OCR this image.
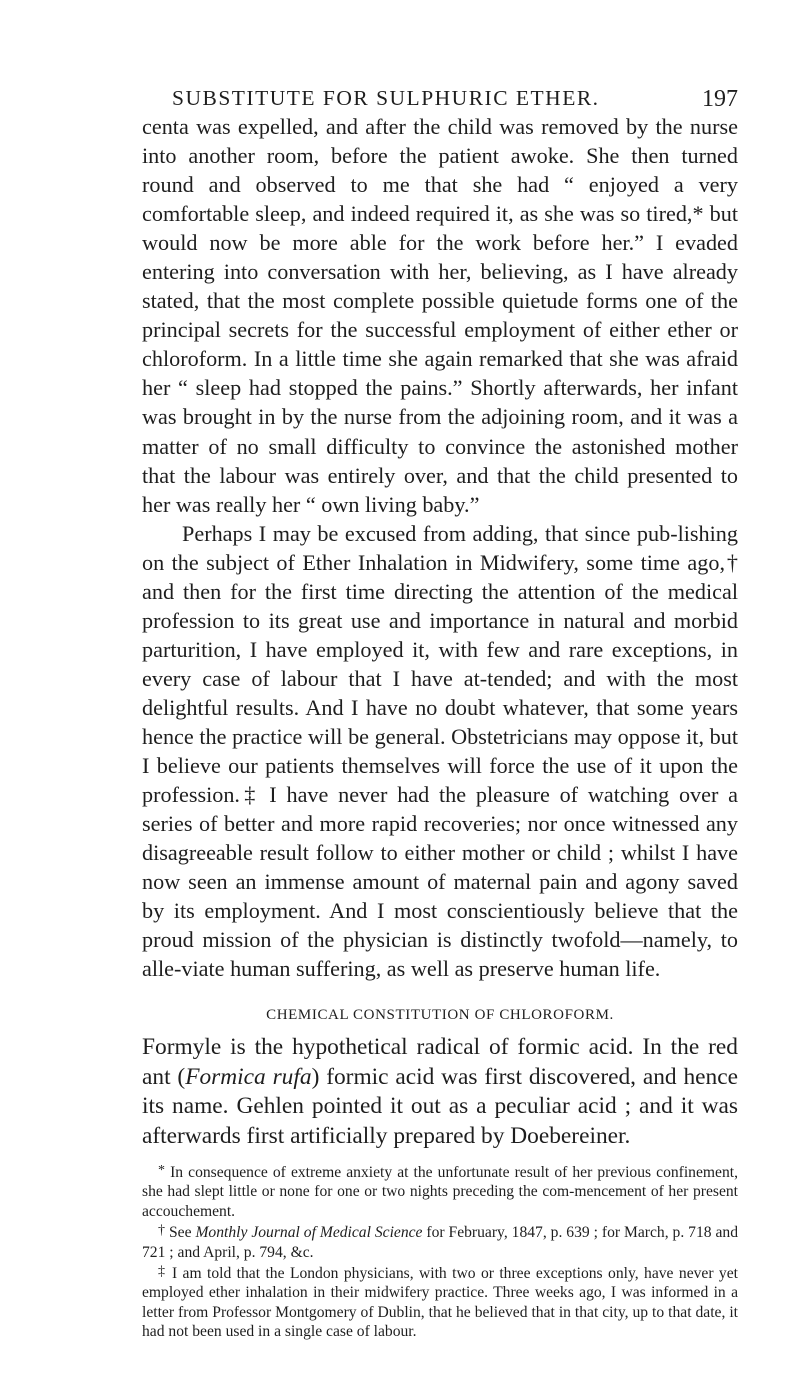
SUBSTITUTE FOR SULPHURIC ETHER.	197

centa was expelled, and after the child was removed by the nurse into another room, before the patient awoke. She then turned round and observed to me that she had “ enjoyed a very comfortable sleep, and indeed required it, as she was so tired,* but would now be more able for the work before her.” I evaded entering into conversation with her, believing, as I have already stated, that the most complete possible quietude forms one of the principal secrets for the successful employment of either ether or chloroform. In a little time she again remarked that she was afraid her “ sleep had stopped the pains.” Shortly afterwards, her infant was brought in by the nurse from the adjoining room, and it was a matter of no small difficulty to convince the astonished mother that the labour was entirely over, and that the child presented to her was really her “ own living baby.”

Perhaps I may be excused from adding, that since pub-lishing on the subject of Ether Inhalation in Midwifery, some time ago,† and then for the first time directing the attention of the medical profession to its great use and importance in natural and morbid parturition, I have employed it, with few and rare exceptions, in every case of labour that I have at-tended; and with the most delightful results. And I have no doubt whatever, that some years hence the practice will be general. Obstetricians may oppose it, but I believe our patients themselves will force the use of it upon the profession.‡ I have never had the pleasure of watching over a series of better and more rapid recoveries; nor once witnessed any disagreeable result follow to either mother or child ; whilst I have now seen an immense amount of maternal pain and agony saved by its employment. And I most conscientiously believe that the proud mission of the physician is distinctly twofold—namely, to alle-viate human suffering, as well as preserve human life.

CHEMICAL CONSTITUTION OF CHLOROFORM.

Formyle is the hypothetical radical of formic acid. In the red ant (Formica rufa) formic acid was first discovered, and hence its name. Gehlen pointed it out as a peculiar acid ; and it was afterwards first artificially prepared by Doebereiner.

* In consequence of extreme anxiety at the unfortunate result of her previous confinement, she had slept little or none for one or two nights preceding the com-mencement of her present accouchement.

† See Monthly Journal of Medical Science for February, 1847, p. 639 ; for March, p. 718 and 721 ; and April, p. 794, &c.

‡ I am told that the London physicians, with two or three exceptions only, have never yet employed ether inhalation in their midwifery practice. Three weeks ago, I was informed in a letter from Professor Montgomery of Dublin, that he believed that in that city, up to that date, it had not been used in a single case of labour.
